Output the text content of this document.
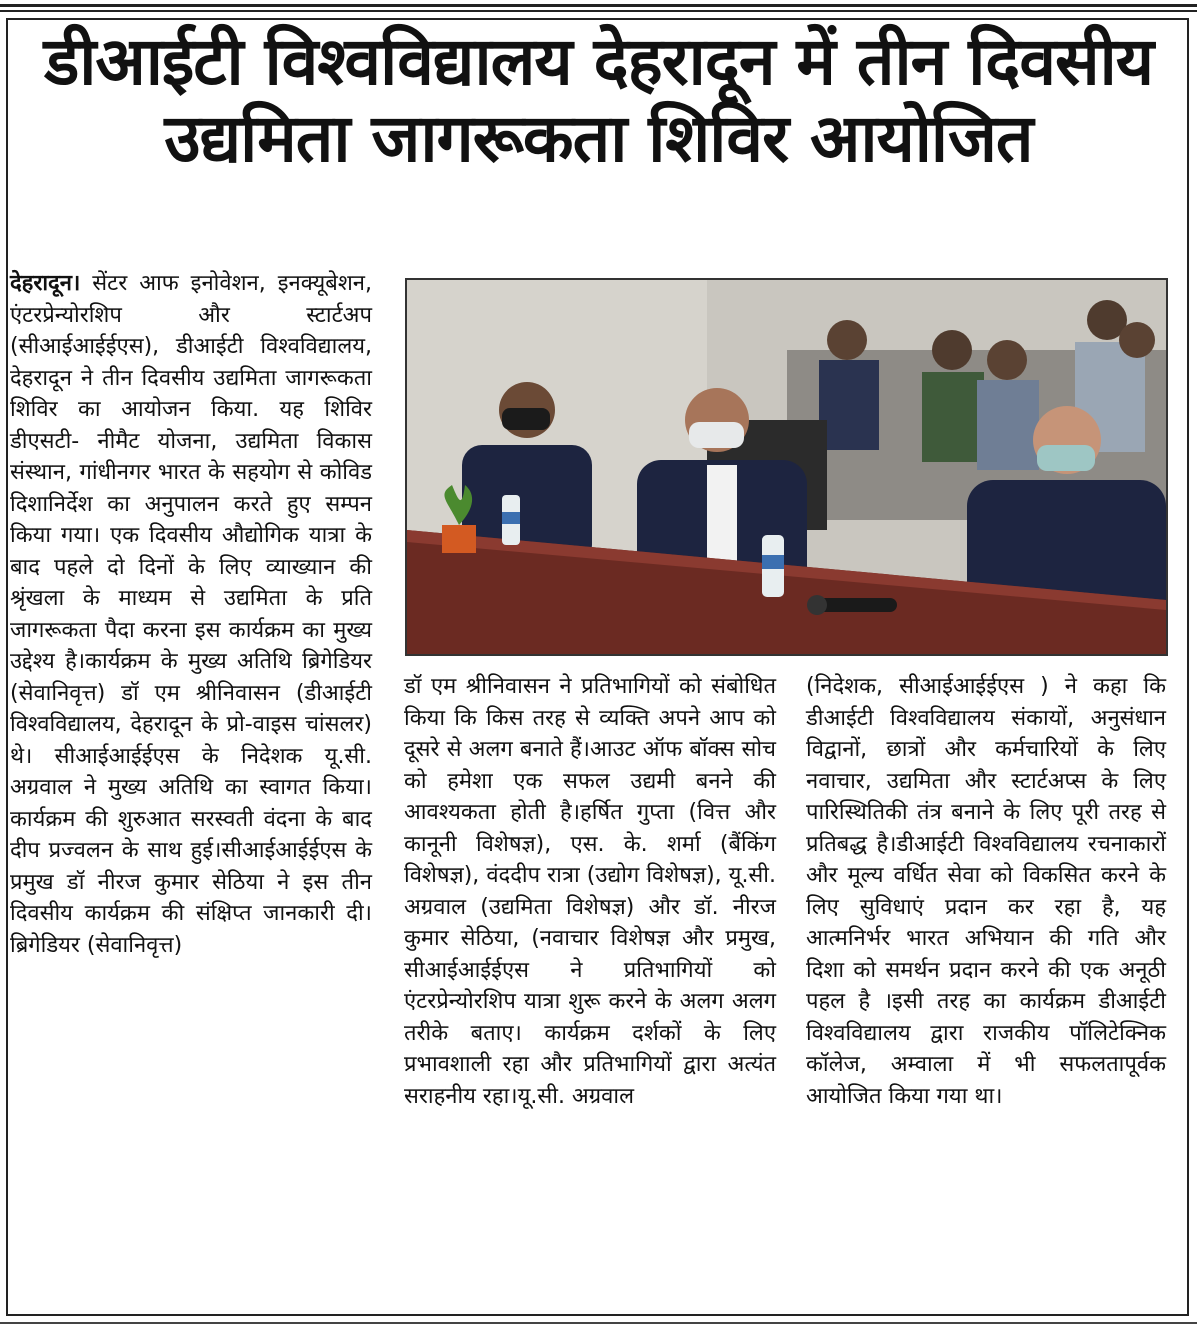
डीआईटी विश्वविद्यालय देहरादून में तीन दिवसीय
उद्यमिता जागरूकता शिविर आयोजित
देहरादून। सेंटर आफ इनोवेशन, इनक्यूबेशन, एंटरप्रेन्योरशिप और स्टार्टअप (सीआईआईईएस), डीआईटी विश्वविद्यालय, देहरादून ने तीन दिवसीय उद्यमिता जागरूकता शिविर का आयोजन किया. यह शिविर डीएसटी- नीमैट योजना, उद्यमिता विकास संस्थान, गांधीनगर भारत के सहयोग से कोविड दिशानिर्देश का अनुपालन करते हुए सम्पन किया गया। एक दिवसीय औद्योगिक यात्रा के बाद पहले दो दिनों के लिए व्याख्यान की श्रृंखला के माध्यम से उद्यमिता के प्रति जागरूकता पैदा करना इस कार्यक्रम का मुख्य उद्देश्य है।कार्यक्रम के मुख्य अतिथि ब्रिगेडियर (सेवानिवृत्त) डॉ एम श्रीनिवासन (डीआईटी विश्वविद्यालय, देहरादून के प्रो-वाइस चांसलर) थे। सीआईआईईएस के निदेशक यू.सी. अग्रवाल ने मुख्य अतिथि का स्वागत किया।कार्यक्रम की शुरुआत सरस्वती वंदना के बाद दीप प्रज्वलन के साथ हुई।सीआईआईईएस के प्रमुख डॉ नीरज कुमार सेठिया ने इस तीन दिवसीय कार्यक्रम की संक्षिप्त जानकारी दी।ब्रिगेडियर (सेवानिवृत्त)
डॉ एम श्रीनिवासन ने प्रतिभागियों को संबोधित किया कि किस तरह से व्यक्ति अपने आप को दूसरे से अलग बनाते हैं।आउट ऑफ बॉक्स सोच को हमेशा एक सफल उद्यमी बनने की आवश्यकता होती है।हर्षित गुप्ता (वित्त और कानूनी विशेषज्ञ), एस. के. शर्मा (बैंकिंग विशेषज्ञ), वंददीप रात्रा (उद्योग विशेषज्ञ), यू.सी. अग्रवाल (उद्यमिता विशेषज्ञ) और डॉ. नीरज कुमार सेठिया, (नवाचार विशेषज्ञ और प्रमुख, सीआईआईईएस ने प्रतिभागियों को एंटरप्रेन्योरशिप यात्रा शुरू करने के अलग अलग तरीके बताए। कार्यक्रम दर्शकों के लिए प्रभावशाली रहा और प्रतिभागियों द्वारा अत्यंत सराहनीय रहा।यू.सी. अग्रवाल
(निदेशक, सीआईआईईएस ) ने कहा कि डीआईटी विश्वविद्यालय संकायों, अनुसंधान विद्वानों, छात्रों और कर्मचारियों के लिए नवाचार, उद्यमिता और स्टार्टअप्स के लिए पारिस्थितिकी तंत्र बनाने के लिए पूरी तरह से प्रतिबद्ध है।डीआईटी विश्वविद्यालय रचनाकारों और मूल्य वर्धित सेवा को विकसित करने के लिए सुविधाएं प्रदान कर रहा है, यह आत्मनिर्भर भारत अभियान की गति और दिशा को समर्थन प्रदान करने की एक अनूठी पहल है ।इसी तरह का कार्यक्रम डीआईटी विश्वविद्यालय द्वारा राजकीय पॉलिटेक्निक कॉलेज, अम्वाला में भी सफलतापूर्वक आयोजित किया गया था।
